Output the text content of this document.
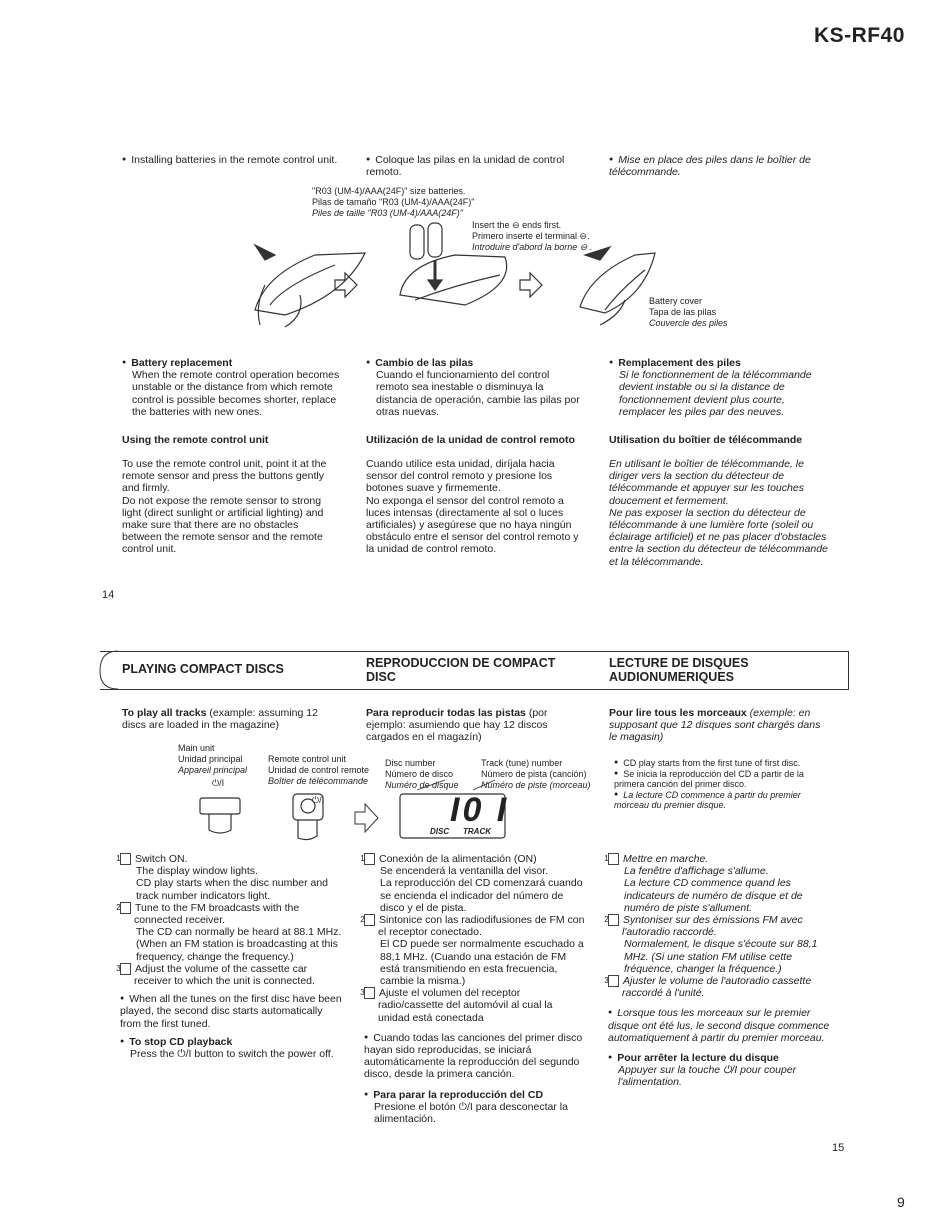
KS-RF40
● Installing batteries in the remote control unit.	● Coloque las pilas en la unidad de control remoto.
● Mise en place des piles dans le boîtier de télécommande.
"R03 (UM-4)/AAA(24F)" size batteries.
Pilas de tamaño "R03 (UM-4)/AAA(24F)"
Piles de taille "R03 (UM-4)/AAA(24F)"
Insert the ⊖ ends first.
Primero inserte el terminal ⊖.
Introduire d'abord la borne ⊖ .
Battery cover
Tapa de las pilas
Couvercle des piles
● Battery replacement
When the remote control operation becomes unstable or the distance from which remote control is possible becomes shorter, replace the batteries with new ones.
● Cambio de las pilas
Cuando el funcionamiento del control remoto sea inestable o disminuya la distancia de operación, cambie las pilas por otras nuevas.
● Remplacement des piles
Si le fonctionnement de la télécommande devient instable ou si la distance de fonctionnement devient plus courte, remplacer les piles par des neuves.
Using the remote control unit	Utilización de la unidad de control remoto	Utilisation du boîtier de télécommande
To use the remote control unit, point it at the remote sensor and press the buttons gently and firmly.
Do not expose the remote sensor to strong light (direct sunlight or artificial lighting) and make sure that there are no obstacles between the remote sensor and the remote control unit.
Cuando utilice esta unidad, diríjala hacia sensor del control remoto y presione los botones suave y firmemente.
No exponga el sensor del control remoto a luces intensas (directamente al sol o luces artificiales) y asegúrese que no haya ningún obstáculo entre el sensor del control remoto y la unidad de control remoto.
En utilisant le boîtier de télécommande, le diriger vers la section du détecteur de télécommande et appuyer sur les touches doucement et fermement.
Ne pas exposer la section du détecteur de télécommande à une lumière forte (soleil ou éclairage artificiel) et ne pas placer d'obstacles entre la section du détecteur de télécommande et la télécommande.
14
PLAYING COMPACT DISCS	REPRODUCCION DE COMPACT
DISC
LECTURE DE DISQUES
AUDIONUMERIQUES
To play all tracks (example: assuming 12 discs are loaded in the magazine)
Para reproducir todas las pistas (por ejemplo: asumiendo que hay 12 discos cargados en el magazín)
Pour lire tous les morceaux (exemple: en supposant que 12 disques sont chargés dans le magasin)
Main unit
Unidad principal
Appareil principal
⏻/I
Remote control unit
Unidad de control remote
Boîtier de télécommande
Disc number
Número de disco
Numéro de disque
Track (tune) number
Número de pista (canción)
Numéro de piste (morceau)
⏻/I	I0 I
DISC TRACK
● CD play starts from the first tune of first disc.
● Se inicia la reproducción del CD a partir de la primera canción del primer disco.
● La lecture CD commence à partir du premier morceau du premier disque.
1 Switch ON.
The display window lights.
CD play starts when the disc number and track number indicators light.
2 Tune to the FM broadcasts with the connected receiver.
The CD can normally be heard at 88.1 MHz. (When an FM station is broadcasting at this frequency, change the frequency.)
3 Adjust the volume of the cassette car receiver to which the unit is connected.
● When all the tunes on the first disc have been played, the second disc starts automatically from the first tuned.
● To stop CD playback
Press the ⏻/I button to switch the power off.
1 Conexión de la alimentación (ON)
Se encenderá la ventanilla del visor.
La reproducción del CD comenzará cuando se encienda el indicador del número de disco y el de pista.
2 Sintonice con las radiodifusiones de FM con el receptor conectado.
El CD puede ser normalmente escuchado a 88,1 MHz. (Cuando una estación de FM está transmitiendo en esta frecuencia, cambie la misma.)
3 Ajuste el volumen del receptor radio/cassette del automóvil al cual la unidad está conectada
● Cuando todas las canciones del primer disco hayan sido reproducidas, se iniciará automáticamente la reproducción del segundo disco, desde la primera canción.
● Para parar la reproducción del CD
Presione el botón ⏻/I para desconectar la alimentación.
1 Mettre en marche.
La fenêtre d'affichage s'allume.
La lecture CD commence quand les indicateurs de numéro de disque et de numéro de piste s'allument.
2 Syntoniser sur des émissions FM avec l'autoradio raccordé.
Normalement, le disque s'écoute sur 88,1 MHz. (Si une station FM utilise cette fréquence, changer la fréquence.)
3 Ajuster le volume de l'autoradio cassette raccordé à l'unité.
● Lorsque tous les morceaux sur le premier disque ont été lus, le second disque commence automatiquement à partir du premier morceau.
● Pour arrêter la lecture du disque
Appuyer sur la touche ⏻/I pour couper l'alimentation.
15
9
